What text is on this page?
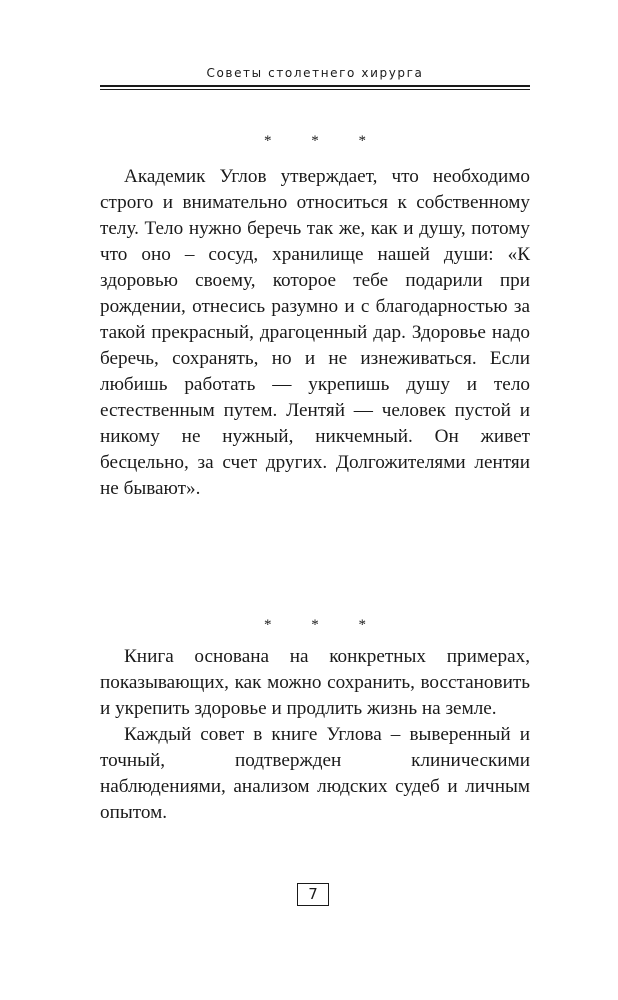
Советы столетнего хирурга
* * *

Академик Углов утверждает, что необходимо строго и внимательно относиться к собственному телу. Тело нужно беречь так же, как и душу, потому что оно – сосуд, хранилище нашей души: «К здоровью своему, которое тебе подарили при рождении, отнесись разумно и с благодарностью за такой прекрасный, драгоценный дар. Здоровье надо беречь, сохранять, но и не изнеживаться. Если любишь работать — укрепишь душу и тело естественным путем. Лентяй — человек пустой и никому не нужный, никчемный. Он живет бесцельно, за счет других. Долгожителями лентяи не бывают».

* * *

Книга основана на конкретных примерах, показывающих, как можно сохранить, восстановить и укрепить здоровье и продлить жизнь на земле.

Каждый совет в книге Углова – выверенный и точный, подтвержден клиническими наблюдениями, анализом людских судеб и личным опытом.

7
